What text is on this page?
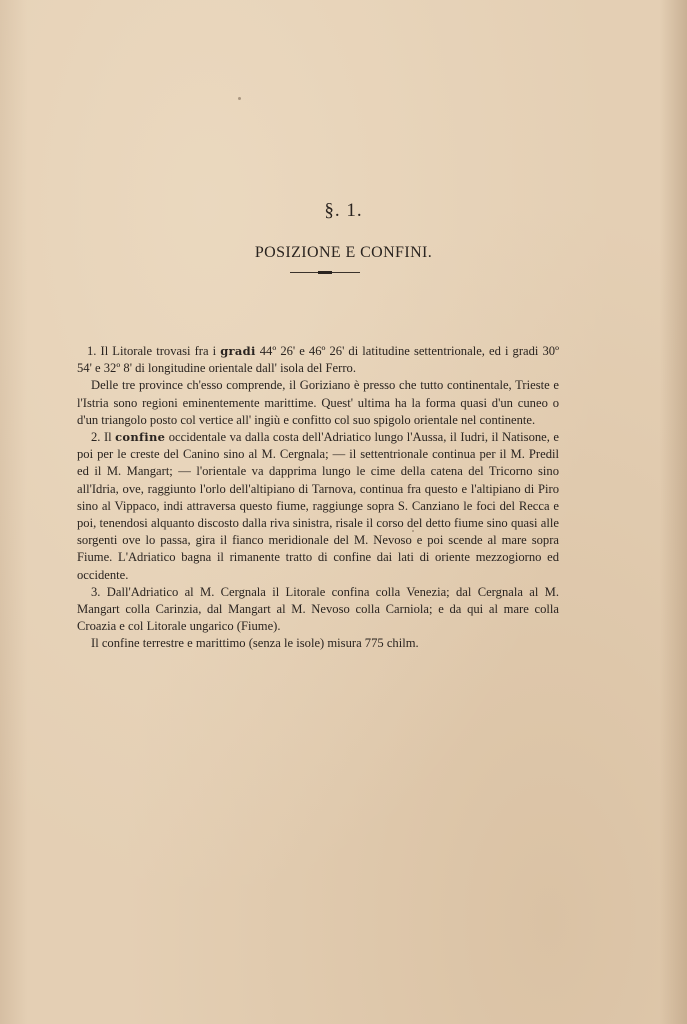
§. 1.
POSIZIONE E CONFINI.

1. Il Litorale trovasi fra i gradi 44º 26' e 46º 26' di latitudine settentrionale, ed i gradi 30º 54' e 32º 8' di longitudine orientale dall' isola del Ferro.

Delle tre province ch'esso comprende, il Goriziano è presso che tutto continentale, Trieste e l'Istria sono regioni eminentemente marittime. Quest' ultima ha la forma quasi d'un cuneo o d'un triangolo posto col vertice all' ingiù e confitto col suo spigolo orientale nel continente.

2. Il confine occidentale va dalla costa dell'Adriatico lungo l'Aussa, il Iudri, il Natisone, e poi per le creste del Canino sino al M. Cergnala; — il settentrionale continua per il M. Predil ed il M. Mangart; — l'orientale va dapprima lungo le cime della catena del Tricorno sino all'Idria, ove, raggiunto l'orlo dell'altipiano di Tarnova, continua fra questo e l'altipiano di Piro sino al Vippaco, indi attraversa questo fiume, raggiunge sopra S. Canziano le foci del Recca e poi, tenendosi alquanto discosto dalla riva sinistra, risale il corso del detto fiume sino quasi alle sorgenti ove lo passa, gira il fianco meridionale del M. Nevoso e poi scende al mare sopra Fiume. L'Adriatico bagna il rimanente tratto di confine dai lati di oriente mezzogiorno ed occidente.

3. Dall'Adriatico al M. Cergnala il Litorale confina colla Venezia; dal Cergnala al M. Mangart colla Carinzia, dal Mangart al M. Nevoso colla Carniola; e da qui al mare colla Croazia e col Litorale ungarico (Fiume).

Il confine terrestre e marittimo (senza le isole) misura 775 chilm.
